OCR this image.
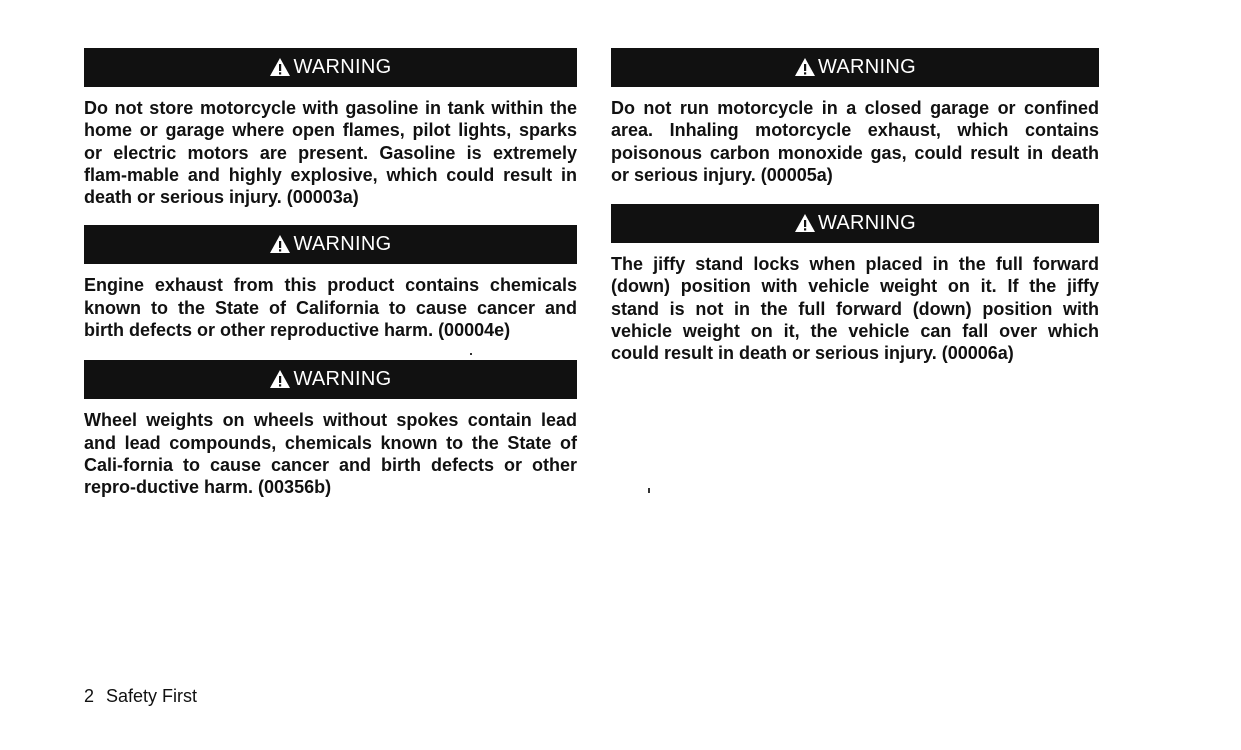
WARNING

Do not store motorcycle with gasoline in tank within the home or garage where open flames, pilot lights, sparks or electric motors are present. Gasoline is extremely flam-mable and highly explosive, which could result in death or serious injury. (00003a)

WARNING

Engine exhaust from this product contains chemicals known to the State of California to cause cancer and birth defects or other reproductive harm. (00004e)

WARNING

Wheel weights on wheels without spokes contain lead and lead compounds, chemicals known to the State of Cali-fornia to cause cancer and birth defects or other repro-ductive harm. (00356b)

WARNING

Do not run motorcycle in a closed garage or confined area. Inhaling motorcycle exhaust, which contains poisonous carbon monoxide gas, could result in death or serious injury. (00005a)

WARNING

The jiffy stand locks when placed in the full forward (down) position with vehicle weight on it. If the jiffy stand is not in the full forward (down) position with vehicle weight on it, the vehicle can fall over which could result in death or serious injury. (00006a)

2 Safety First
